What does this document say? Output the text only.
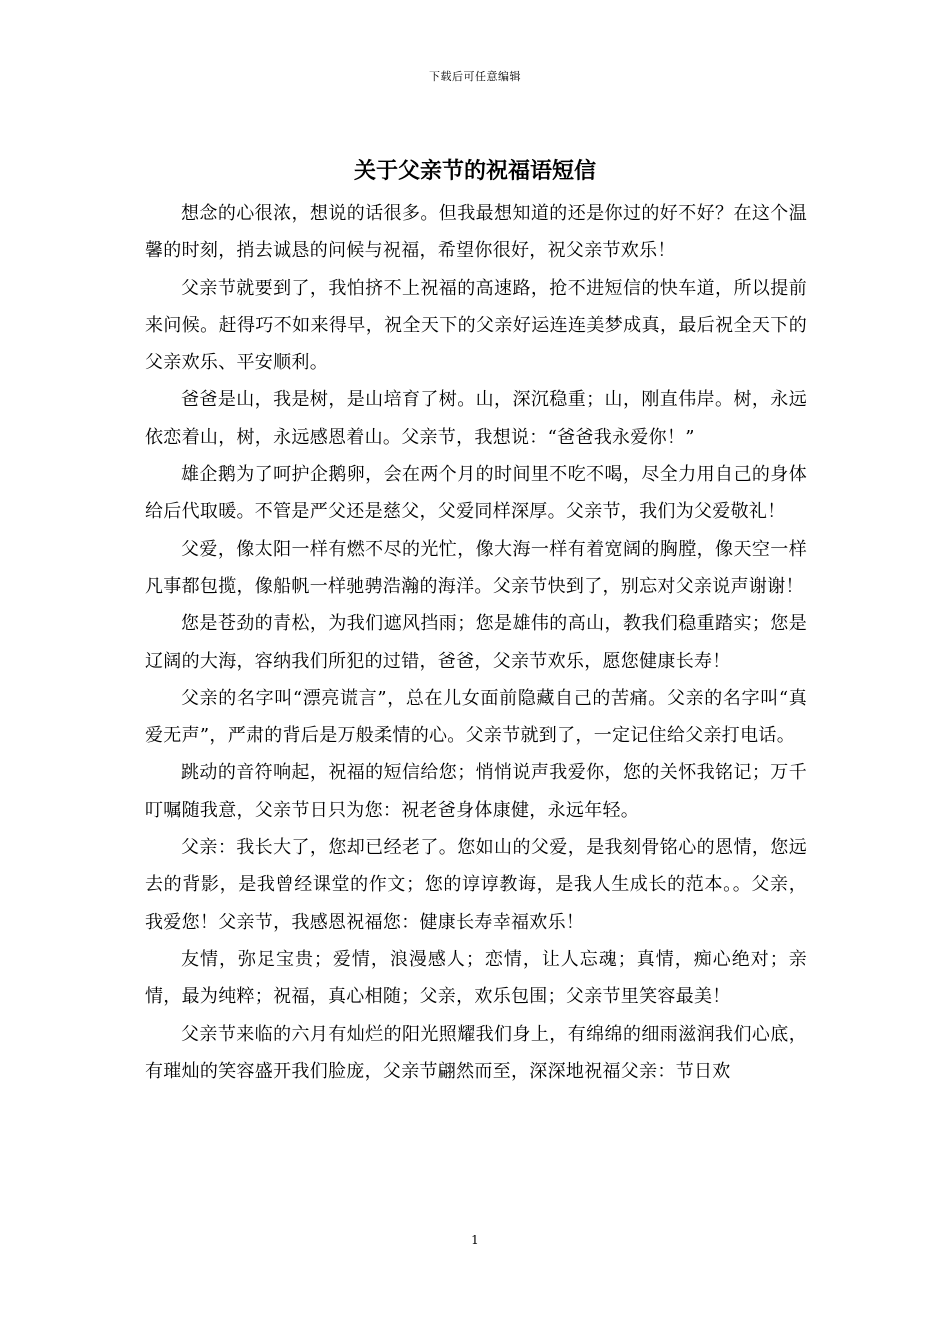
下载后可任意编辑
关于父亲节的祝福语短信

想念的心很浓，想说的话很多。但我最想知道的还是你过的好不好？在这个温馨的时刻，捎去诚恳的问候与祝福，希望你很好，祝父亲节欢乐！

父亲节就要到了，我怕挤不上祝福的高速路，抢不进短信的快车道，所以提前来问候。赶得巧不如来得早，祝全天下的父亲好运连连美梦成真，最后祝全天下的父亲欢乐、平安顺利。

爸爸是山，我是树，是山培育了树。山，深沉稳重；山，刚直伟岸。树，永远依恋着山，树，永远感恩着山。父亲节，我想说：“爸爸我永爱你！”

雄企鹅为了呵护企鹅卵，会在两个月的时间里不吃不喝，尽全力用自己的身体给后代取暖。不管是严父还是慈父，父爱同样深厚。父亲节，我们为父爱敬礼！

父爱，像太阳一样有燃不尽的光忙，像大海一样有着宽阔的胸膛，像天空一样凡事都包揽，像船帆一样驰骋浩瀚的海洋。父亲节快到了，别忘对父亲说声谢谢！

您是苍劲的青松，为我们遮风挡雨；您是雄伟的高山，教我们稳重踏实；您是辽阔的大海，容纳我们所犯的过错，爸爸，父亲节欢乐，愿您健康长寿！

父亲的名字叫“漂亮谎言”，总在儿女面前隐藏自己的苦痛。父亲的名字叫“真爱无声”，严肃的背后是万般柔情的心。父亲节就到了，一定记住给父亲打电话。

跳动的音符响起，祝福的短信给您；悄悄说声我爱你，您的关怀我铭记；万千叮嘱随我意，父亲节日只为您：祝老爸身体康健，永远年轻。

父亲：我长大了，您却已经老了。您如山的父爱，是我刻骨铭心的恩情，您远去的背影，是我曾经课堂的作文；您的谆谆教诲，是我人生成长的范本。。父亲，我爱您！父亲节，我感恩祝福您：健康长寿幸福欢乐！

友情，弥足宝贵；爱情，浪漫感人；恋情，让人忘魂；真情，痴心绝对；亲情，最为纯粹；祝福，真心相随；父亲，欢乐包围；父亲节里笑容最美！

父亲节来临的六月有灿烂的阳光照耀我们身上，有绵绵的细雨滋润我们心底，有璀灿的笑容盛开我们脸庞，父亲节翩然而至，深深地祝福父亲：节日欢

1
